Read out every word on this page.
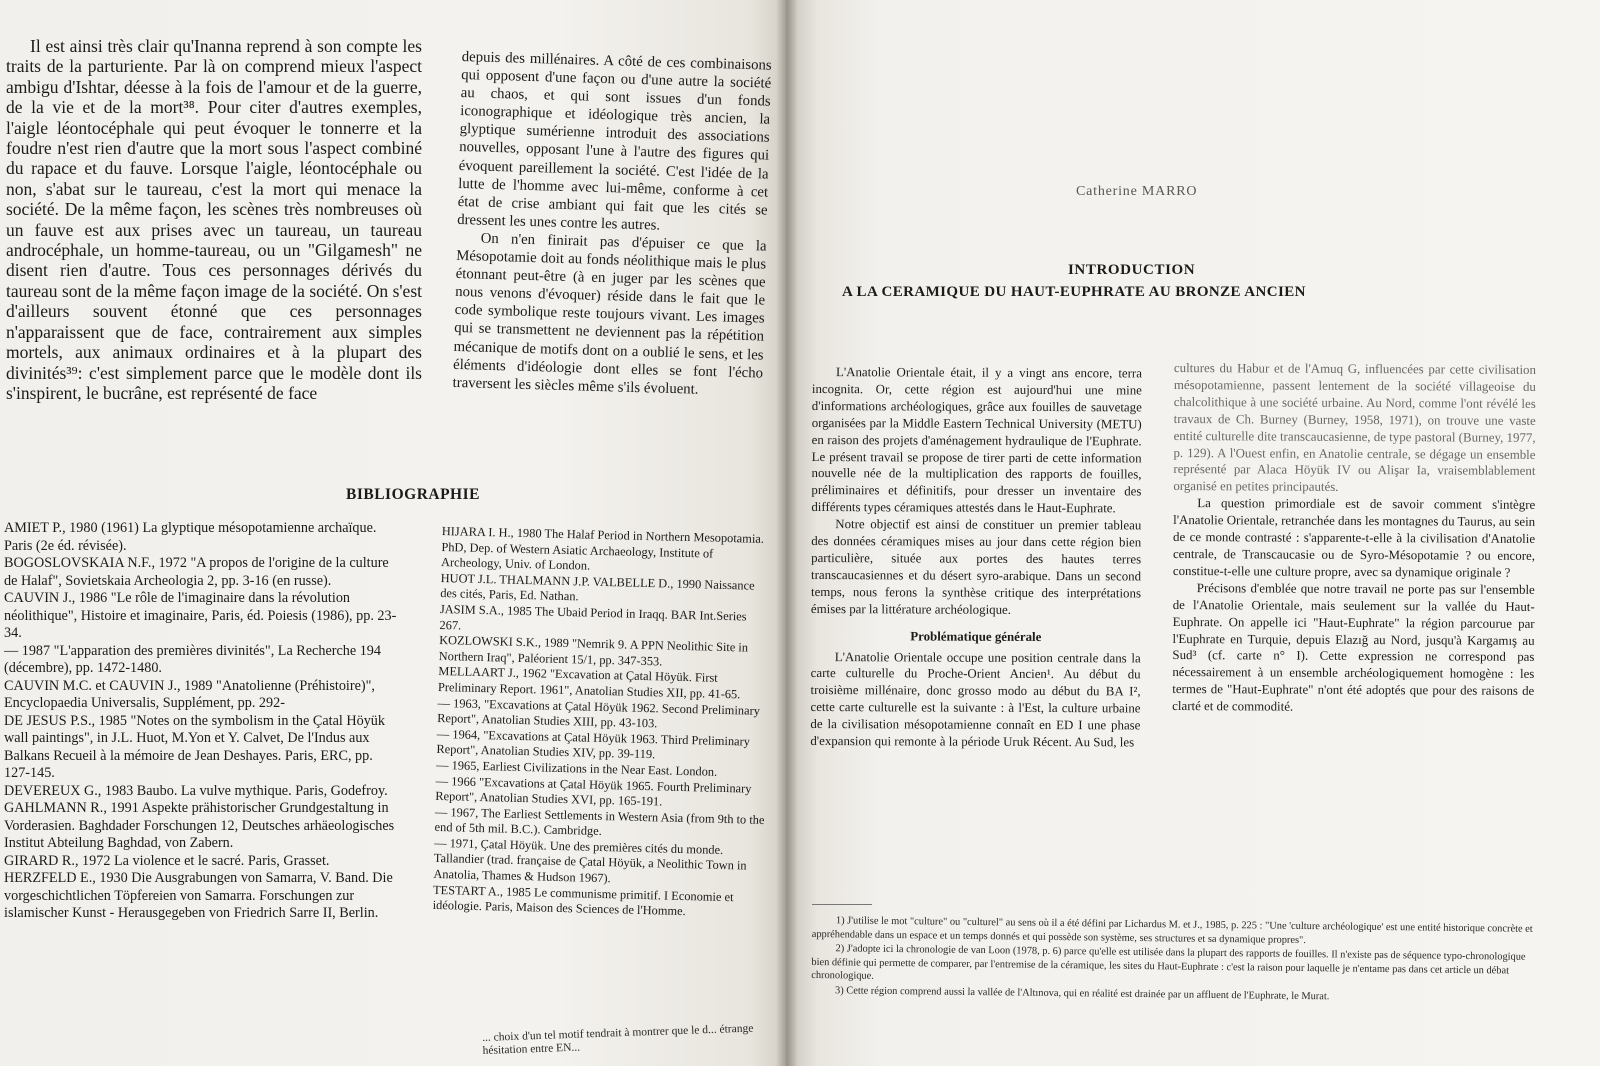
Il est ainsi très clair qu'Inanna reprend à son compte les traits de la parturiente. Par là on comprend mieux l'aspect ambigu d'Ishtar, déesse à la fois de l'amour et de la guerre, de la vie et de la mort³⁸. Pour citer d'autres exemples, l'aigle léontocéphale qui peut évoquer le tonnerre et la foudre n'est rien d'autre que la mort sous l'aspect combiné du rapace et du fauve. Lorsque l'aigle, léontocéphale ou non, s'abat sur le taureau, c'est la mort qui menace la société. De la même façon, les scènes très nombreuses où un fauve est aux prises avec un taureau, un taureau androcéphale, un homme-taureau, ou un "Gilgamesh" ne disent rien d'autre. Tous ces personnages dérivés du taureau sont de la même façon image de la société. On s'est d'ailleurs souvent étonné que ces personnages n'apparaissent que de face, contrairement aux simples mortels, aux animaux ordinaires et à la plupart des divinités³⁹: c'est simplement parce que le modèle dont ils s'inspirent, le bucrâne, est représenté de face

depuis des millénaires. A côté de ces combinaisons qui opposent d'une façon ou d'une autre la société au chaos, et qui sont issues d'un fonds iconographique et idéologique très ancien, la glyptique sumérienne introduit des associations nouvelles, opposant l'une à l'autre des figures qui évoquent pareillement la société. C'est l'idée de la lutte de l'homme avec lui-même, conforme à cet état de crise ambiant qui fait que les cités se dressent les unes contre les autres.

On n'en finirait pas d'épuiser ce que la Mésopotamie doit au fonds néolithique mais le plus étonnant peut-être (à en juger par les scènes que nous venons d'évoquer) réside dans le fait que le code symbolique reste toujours vivant. Les images qui se transmettent ne deviennent pas la répétition mécanique de motifs dont on a oublié le sens, et les éléments d'idéologie dont elles se font l'écho traversent les siècles même s'ils évoluent.

BIBLIOGRAPHIE

AMIET P., 1980 (1961) La glyptique mésopotamienne archaïque. Paris (2e éd. révisée).

BOGOSLOVSKAIA N.F., 1972 "A propos de l'origine de la culture de Halaf", Sovietskaia Archeologia 2, pp. 3-16 (en russe).

CAUVIN J., 1986 "Le rôle de l'imaginaire dans la révolution néolithique", Histoire et imaginaire, Paris, éd. Poiesis (1986), pp. 23-34.

— 1987 "L'apparation des premières divinités", La Recherche 194 (décembre), pp. 1472-1480.

CAUVIN M.C. et CAUVIN J., 1989 "Anatolienne (Préhistoire)", Encyclopaedia Universalis, Supplément, pp. 292-

DE JESUS P.S., 1985 "Notes on the symbolism in the Çatal Höyük wall paintings", in J.L. Huot, M.Yon et Y. Calvet, De l'Indus aux Balkans Recueil à la mémoire de Jean Deshayes. Paris, ERC, pp. 127-145.

DEVEREUX G., 1983 Baubo. La vulve mythique. Paris, Godefroy.

GAHLMANN R., 1991 Aspekte prähistorischer Grundgestaltung in Vorderasien. Baghdader Forschungen 12, Deutsches arhäeologisches Institut Abteilung Baghdad, von Zabern.

GIRARD R., 1972 La violence et le sacré. Paris, Grasset.

HERZFELD E., 1930 Die Ausgrabungen von Samarra, V. Band. Die vorgeschichtlichen Töpfereien von Samarra. Forschungen zur islamischer Kunst - Herausgegeben von Friedrich Sarre II, Berlin.

HIJARA I. H., 1980 The Halaf Period in Northern Mesopotamia. PhD, Dep. of Western Asiatic Archaeology, Institute of Archeology, Univ. of London.

HUOT J.L. THALMANN J.P. VALBELLE D., 1990 Naissance des cités, Paris, Ed. Nathan.

JASIM S.A., 1985 The Ubaid Period in Iraqq. BAR Int.Series 267.

KOZLOWSKI S.K., 1989 "Nemrik 9. A PPN Neolithic Site in Northern Iraq", Paléorient 15/1, pp. 347-353.

MELLAART J., 1962 "Excavation at Çatal Höyük. First Preliminary Report. 1961", Anatolian Studies XII, pp. 41-65.

— 1963, "Excavations at Çatal Höyük 1962. Second Preliminary Report", Anatolian Studies XIII, pp. 43-103.

— 1964, "Excavations at Çatal Höyük 1963. Third Preliminary Report", Anatolian Studies XIV, pp. 39-119.

— 1965, Earliest Civilizations in the Near East. London.

— 1966 "Excavations at Çatal Höyük 1965. Fourth Preliminary Report", Anatolian Studies XVI, pp. 165-191.

— 1967, The Earliest Settlements in Western Asia (from 9th to the end of 5th mil. B.C.). Cambridge.

— 1971, Çatal Höyük. Une des premières cités du monde. Tallandier (trad. française de Çatal Höyük, a Neolithic Town in Anatolia, Thames & Hudson 1967).

TESTART A., 1985 Le communisme primitif. I Economie et idéologie. Paris, Maison des Sciences de l'Homme.

... choix d'un tel motif tendrait à montrer que le d... étrange hésitation entre EN...
Catherine MARRO
INTRODUCTION
A LA CERAMIQUE DU HAUT-EUPHRATE AU BRONZE ANCIEN

L'Anatolie Orientale était, il y a vingt ans encore, terra incognita. Or, cette région est aujourd'hui une mine d'informations archéologiques, grâce aux fouilles de sauvetage organisées par la Middle Eastern Technical University (METU) en raison des projets d'aménagement hydraulique de l'Euphrate. Le présent travail se propose de tirer parti de cette information nouvelle née de la multiplication des rapports de fouilles, préliminaires et définitifs, pour dresser un inventaire des différents types céramiques attestés dans le Haut-Euphrate.

Notre objectif est ainsi de constituer un premier tableau des données céramiques mises au jour dans cette région bien particulière, située aux portes des hautes terres transcaucasiennes et du désert syro-arabique. Dans un second temps, nous ferons la synthèse critique des interprétations émises par la littérature archéologique.

Problématique générale

L'Anatolie Orientale occupe une position centrale dans la carte culturelle du Proche-Orient Ancien¹. Au début du troisième millénaire, donc grosso modo au début du BA I², cette carte culturelle est la suivante : à l'Est, la culture urbaine de la civilisation mésopotamienne connaît en ED I une phase d'expansion qui remonte à la période Uruk Récent. Au Sud, les

cultures du Habur et de l'Amuq G, influencées par cette civilisation mésopotamienne, passent lentement de la société villageoise du chalcolithique à une société urbaine. Au Nord, comme l'ont révélé les travaux de Ch. Burney (Burney, 1958, 1971), on trouve une vaste entité culturelle dite transcaucasienne, de type pastoral (Burney, 1977, p. 129). A l'Ouest enfin, en Anatolie centrale, se dégage un ensemble représenté par Alaca Höyük IV ou Alişar Ia, vraisemblablement organisé en petites principautés.

La question primordiale est de savoir comment s'intègre l'Anatolie Orientale, retranchée dans les montagnes du Taurus, au sein de ce monde contrasté : s'apparente-t-elle à la civilisation d'Anatolie centrale, de Transcaucasie ou de Syro-Mésopotamie ? ou encore, constitue-t-elle une culture propre, avec sa dynamique originale ?

Précisons d'emblée que notre travail ne porte pas sur l'ensemble de l'Anatolie Orientale, mais seulement sur la vallée du Haut-Euphrate. On appelle ici "Haut-Euphrate" la région parcourue par l'Euphrate en Turquie, depuis Elazığ au Nord, jusqu'à Kargamış au Sud³ (cf. carte n° I). Cette expression ne correspond pas nécessairement à un ensemble archéologiquement homogène : les termes de "Haut-Euphrate" n'ont été adoptés que pour des raisons de clarté et de commodité.

1) J'utilise le mot "culture" ou "culturel" au sens où il a été défini par Lichardus M. et J., 1985, p. 225 : "Une 'culture archéologique' est une entité historique concrète et appréhendable dans un espace et un temps donnés et qui possède son système, ses structures et sa dynamique propres".

2) J'adopte ici la chronologie de van Loon (1978, p. 6) parce qu'elle est utilisée dans la plupart des rapports de fouilles. Il n'existe pas de séquence typo-chronologique bien définie qui permette de comparer, par l'entremise de la céramique, les sites du Haut-Euphrate : c'est la raison pour laquelle je n'entame pas dans cet article un débat chronologique.

3) Cette région comprend aussi la vallée de l'Altınova, qui en réalité est drainée par un affluent de l'Euphrate, le Murat.
